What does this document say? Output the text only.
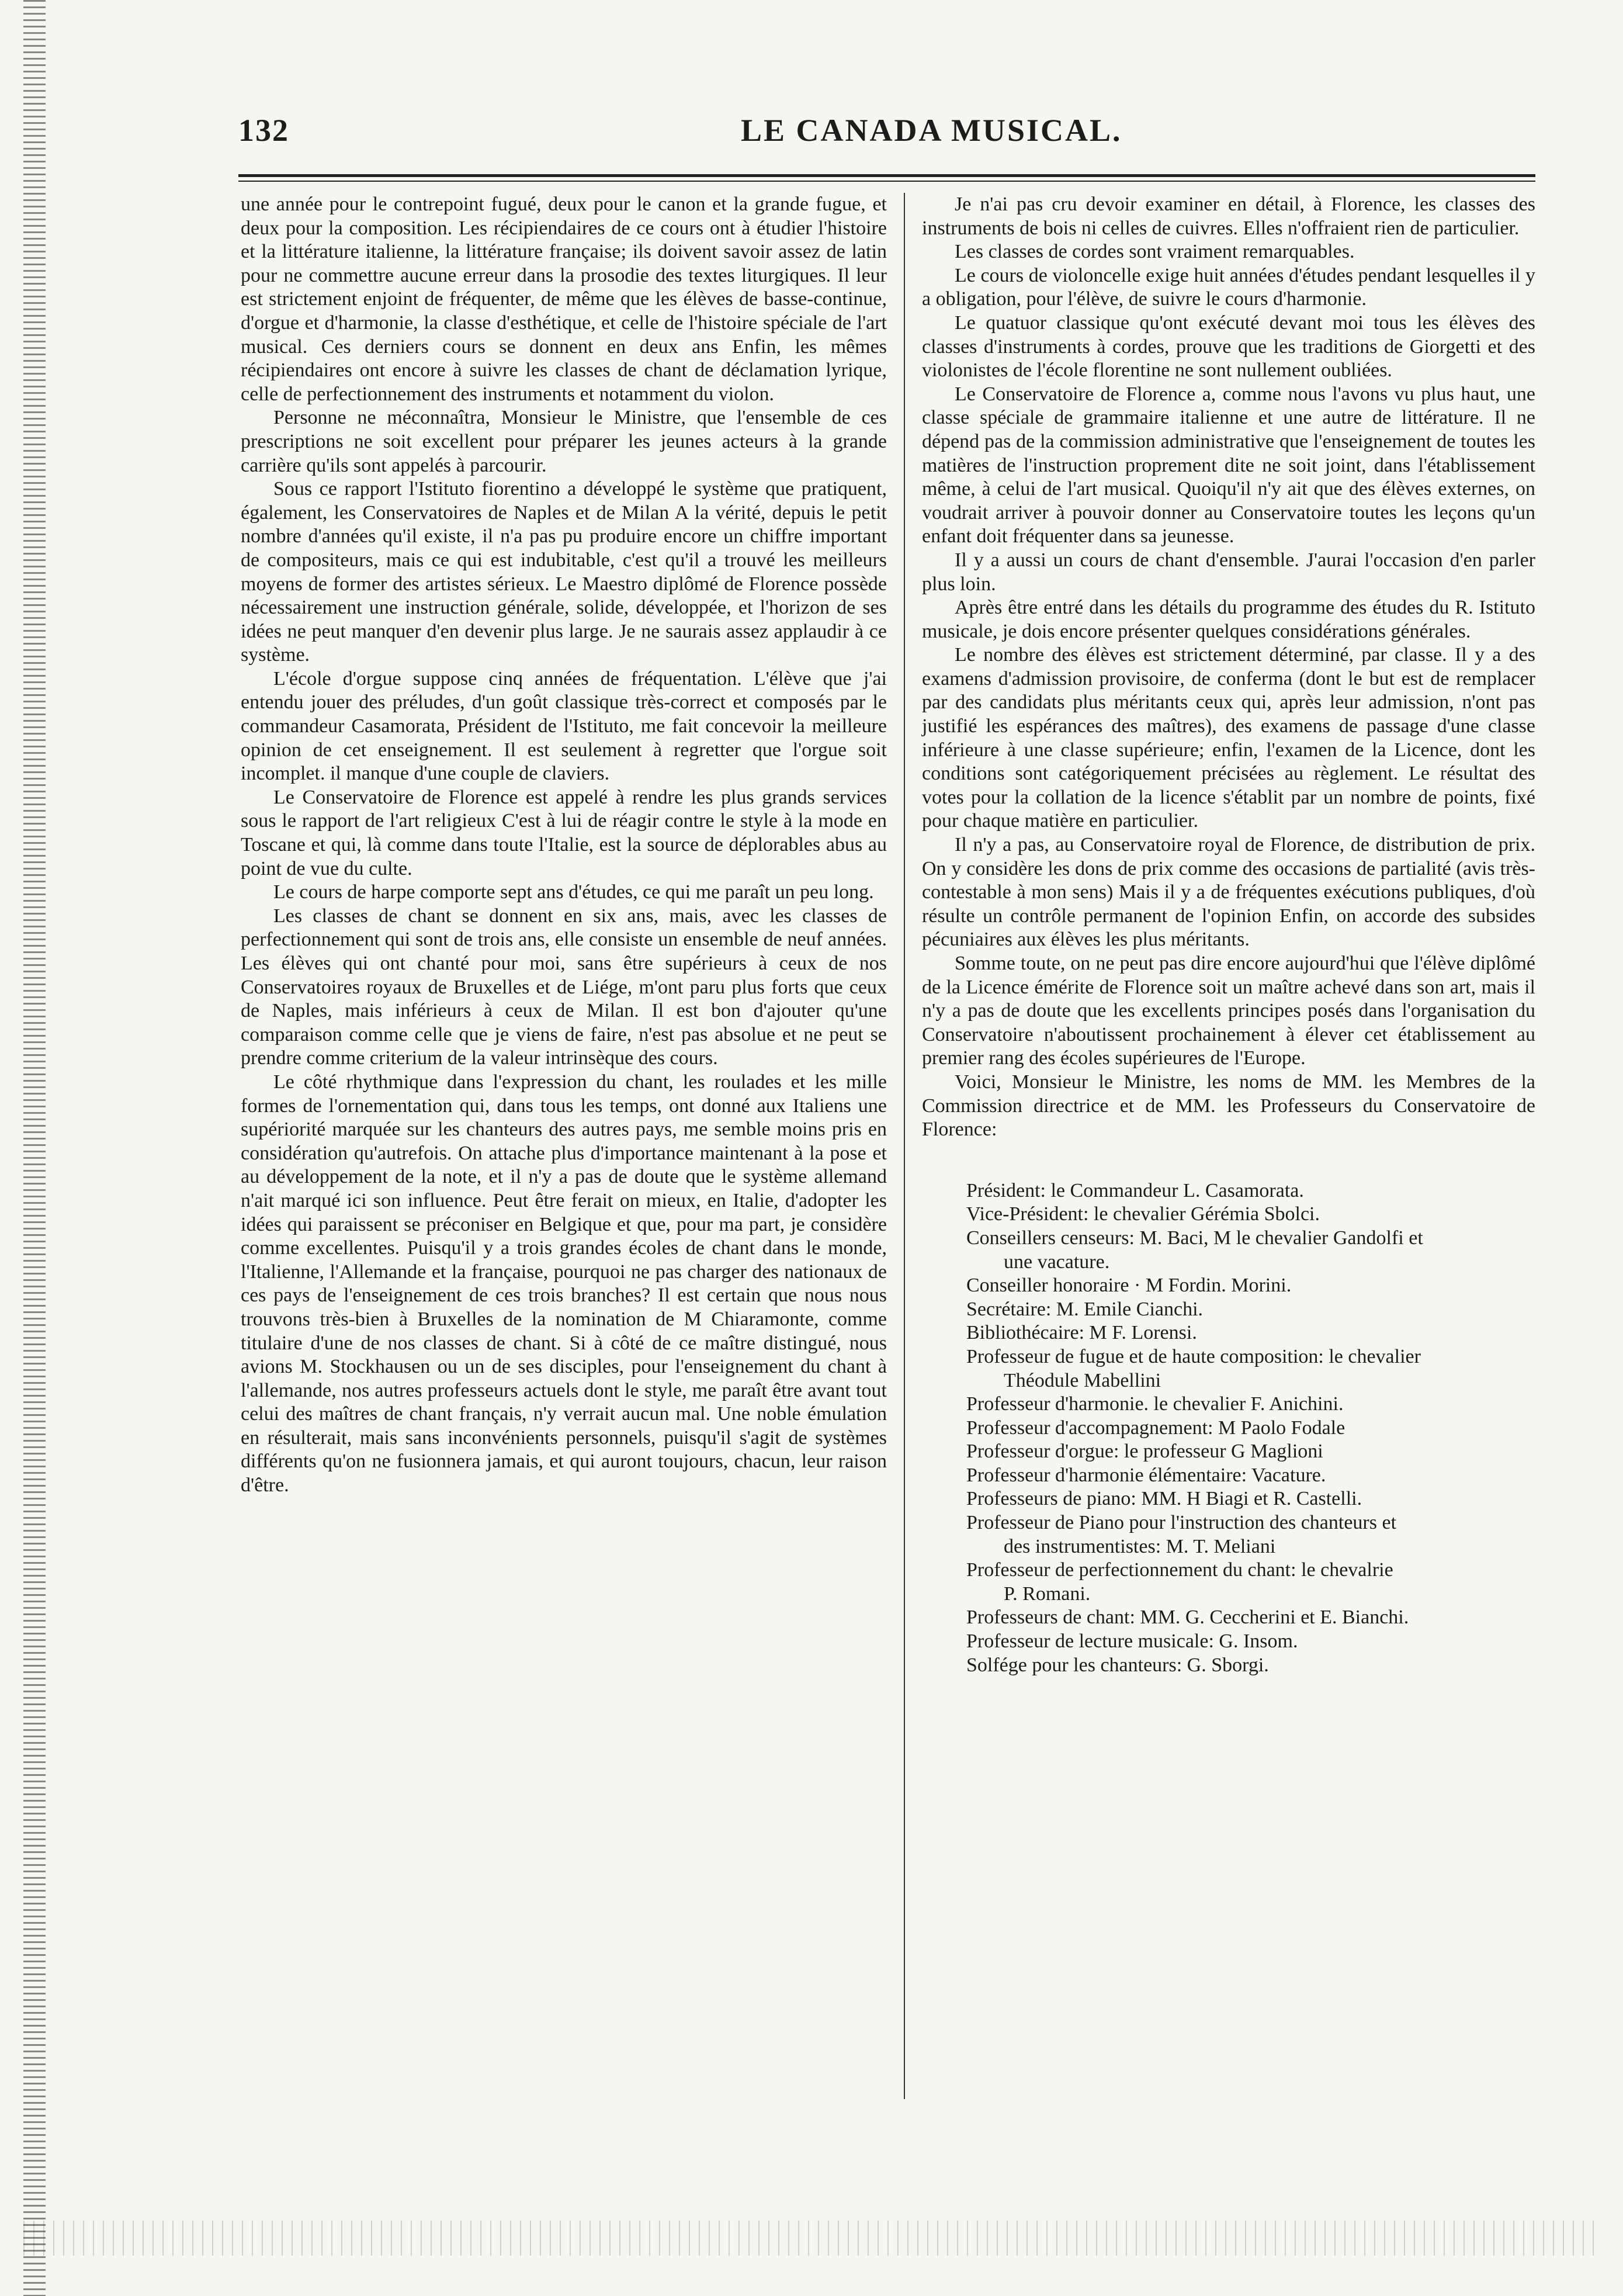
132	LE CANADA MUSICAL.

une année pour le contrepoint fugué, deux pour le canon et la grande fugue, et deux pour la composition. Les récipiendaires de ce cours ont à étudier l'histoire et la littérature italienne, la littérature française; ils doivent savoir assez de latin pour ne commettre aucune erreur dans la prosodie des textes liturgiques. Il leur est strictement enjoint de fréquenter, de même que les élèves de basse-continue, d'orgue et d'harmonie, la classe d'esthétique, et celle de l'histoire spéciale de l'art musical. Ces derniers cours se donnent en deux ans Enfin, les mêmes récipiendaires ont encore à suivre les classes de chant de déclamation lyrique, celle de perfectionnement des instruments et notamment du violon.

Personne ne méconnaîtra, Monsieur le Ministre, que l'ensemble de ces prescriptions ne soit excellent pour préparer les jeunes acteurs à la grande carrière qu'ils sont appelés à parcourir.

Sous ce rapport l'Istituto fiorentino a développé le système que pratiquent, également, les Conservatoires de Naples et de Milan A la vérité, depuis le petit nombre d'années qu'il existe, il n'a pas pu produire encore un chiffre important de compositeurs, mais ce qui est indubitable, c'est qu'il a trouvé les meilleurs moyens de former des artistes sérieux. Le Maestro diplômé de Florence possède nécessairement une instruction générale, solide, développée, et l'horizon de ses idées ne peut manquer d'en devenir plus large. Je ne saurais assez applaudir à ce système.

L'école d'orgue suppose cinq années de fréquentation. L'élève que j'ai entendu jouer des préludes, d'un goût classique très-correct et composés par le commandeur Casamorata, Président de l'Istituto, me fait concevoir la meilleure opinion de cet enseignement. Il est seulement à regretter que l'orgue soit incomplet. il manque d'une couple de claviers.

Le Conservatoire de Florence est appelé à rendre les plus grands services sous le rapport de l'art religieux C'est à lui de réagir contre le style à la mode en Toscane et qui, là comme dans toute l'Italie, est la source de déplorables abus au point de vue du culte.

Le cours de harpe comporte sept ans d'études, ce qui me paraît un peu long.

Les classes de chant se donnent en six ans, mais, avec les classes de perfectionnement qui sont de trois ans, elle consiste un ensemble de neuf années. Les élèves qui ont chanté pour moi, sans être supérieurs à ceux de nos Conservatoires royaux de Bruxelles et de Liége, m'ont paru plus forts que ceux de Naples, mais inférieurs à ceux de Milan. Il est bon d'ajouter qu'une comparaison comme celle que je viens de faire, n'est pas absolue et ne peut se prendre comme criterium de la valeur intrinsèque des cours.

Le côté rhythmique dans l'expression du chant, les roulades et les mille formes de l'ornementation qui, dans tous les temps, ont donné aux Italiens une supériorité marquée sur les chanteurs des autres pays, me semble moins pris en considération qu'autrefois. On attache plus d'importance maintenant à la pose et au développement de la note, et il n'y a pas de doute que le système allemand n'ait marqué ici son influence. Peut être ferait on mieux, en Italie, d'adopter les idées qui paraissent se préconiser en Belgique et que, pour ma part, je considère comme excellentes. Puisqu'il y a trois grandes écoles de chant dans le monde, l'Italienne, l'Allemande et la française, pourquoi ne pas charger des nationaux de ces pays de l'enseignement de ces trois branches? Il est certain que nous nous trouvons très-bien à Bruxelles de la nomination de M Chiaramonte, comme titulaire d'une de nos classes de chant. Si à côté de ce maître distingué, nous avions M. Stockhausen ou un de ses disciples, pour l'enseignement du chant à l'allemande, nos autres professeurs actuels dont le style, me paraît être avant tout celui des maîtres de chant français, n'y verrait aucun mal. Une noble émulation en résulterait, mais sans inconvénients personnels, puisqu'il s'agit de systèmes différents qu'on ne fusionnera jamais, et qui auront toujours, chacun, leur raison d'être.

Je n'ai pas cru devoir examiner en détail, à Florence, les classes des instruments de bois ni celles de cuivres. Elles n'offraient rien de particulier.

Les classes de cordes sont vraiment remarquables.

Le cours de violoncelle exige huit années d'études pendant lesquelles il y a obligation, pour l'élève, de suivre le cours d'harmonie.

Le quatuor classique qu'ont exécuté devant moi tous les élèves des classes d'instruments à cordes, prouve que les traditions de Giorgetti et des violonistes de l'école florentine ne sont nullement oubliées.

Le Conservatoire de Florence a, comme nous l'avons vu plus haut, une classe spéciale de grammaire italienne et une autre de littérature. Il ne dépend pas de la commission administrative que l'enseignement de toutes les matières de l'instruction proprement dite ne soit joint, dans l'établissement même, à celui de l'art musical. Quoiqu'il n'y ait que des élèves externes, on voudrait arriver à pouvoir donner au Conservatoire toutes les leçons qu'un enfant doit fréquenter dans sa jeunesse.

Il y a aussi un cours de chant d'ensemble. J'aurai l'occasion d'en parler plus loin.

Après être entré dans les détails du programme des études du R. Istituto musicale, je dois encore présenter quelques considérations générales.

Le nombre des élèves est strictement déterminé, par classe. Il y a des examens d'admission provisoire, de conferma (dont le but est de remplacer par des candidats plus méritants ceux qui, après leur admission, n'ont pas justifié les espérances des maîtres), des examens de passage d'une classe inférieure à une classe supérieure; enfin, l'examen de la Licence, dont les conditions sont catégoriquement précisées au règlement. Le résultat des votes pour la collation de la licence s'établit par un nombre de points, fixé pour chaque matière en particulier.

Il n'y a pas, au Conservatoire royal de Florence, de distribution de prix. On y considère les dons de prix comme des occasions de partialité (avis très-contestable à mon sens) Mais il y a de fréquentes exécutions publiques, d'où résulte un contrôle permanent de l'opinion Enfin, on accorde des subsides pécuniaires aux élèves les plus méritants.

Somme toute, on ne peut pas dire encore aujourd'hui que l'élève diplômé de la Licence émérite de Florence soit un maître achevé dans son art, mais il n'y a pas de doute que les excellents principes posés dans l'organisation du Conservatoire n'aboutissent prochainement à élever cet établissement au premier rang des écoles supérieures de l'Europe.

Voici, Monsieur le Ministre, les noms de MM. les Membres de la Commission directrice et de MM. les Professeurs du Conservatoire de Florence:

Président: le Commandeur L. Casamorata.
Vice-Président: le chevalier Gérémia Sbolci.
Conseillers censeurs: M. Baci, M le chevalier Gandolfi et
une vacature.
Conseiller honoraire · M Fordin. Morini.
Secrétaire: M. Emile Cianchi.
Bibliothécaire: M F. Lorensi.
Professeur de fugue et de haute composition: le chevalier
Théodule Mabellini
Professeur d'harmonie. le chevalier F. Anichini.
Professeur d'accompagnement: M Paolo Fodale
Professeur d'orgue: le professeur G Maglioni
Professeur d'harmonie élémentaire: Vacature.
Professeurs de piano: MM. H Biagi et R. Castelli.
Professeur de Piano pour l'instruction des chanteurs et
des instrumentistes: M. T. Meliani
Professeur de perfectionnement du chant: le chevalrie
P. Romani.
Professeurs de chant: MM. G. Ceccherini et E. Bianchi.
Professeur de lecture musicale: G. Insom.
Solfége pour les chanteurs: G. Sborgi.
